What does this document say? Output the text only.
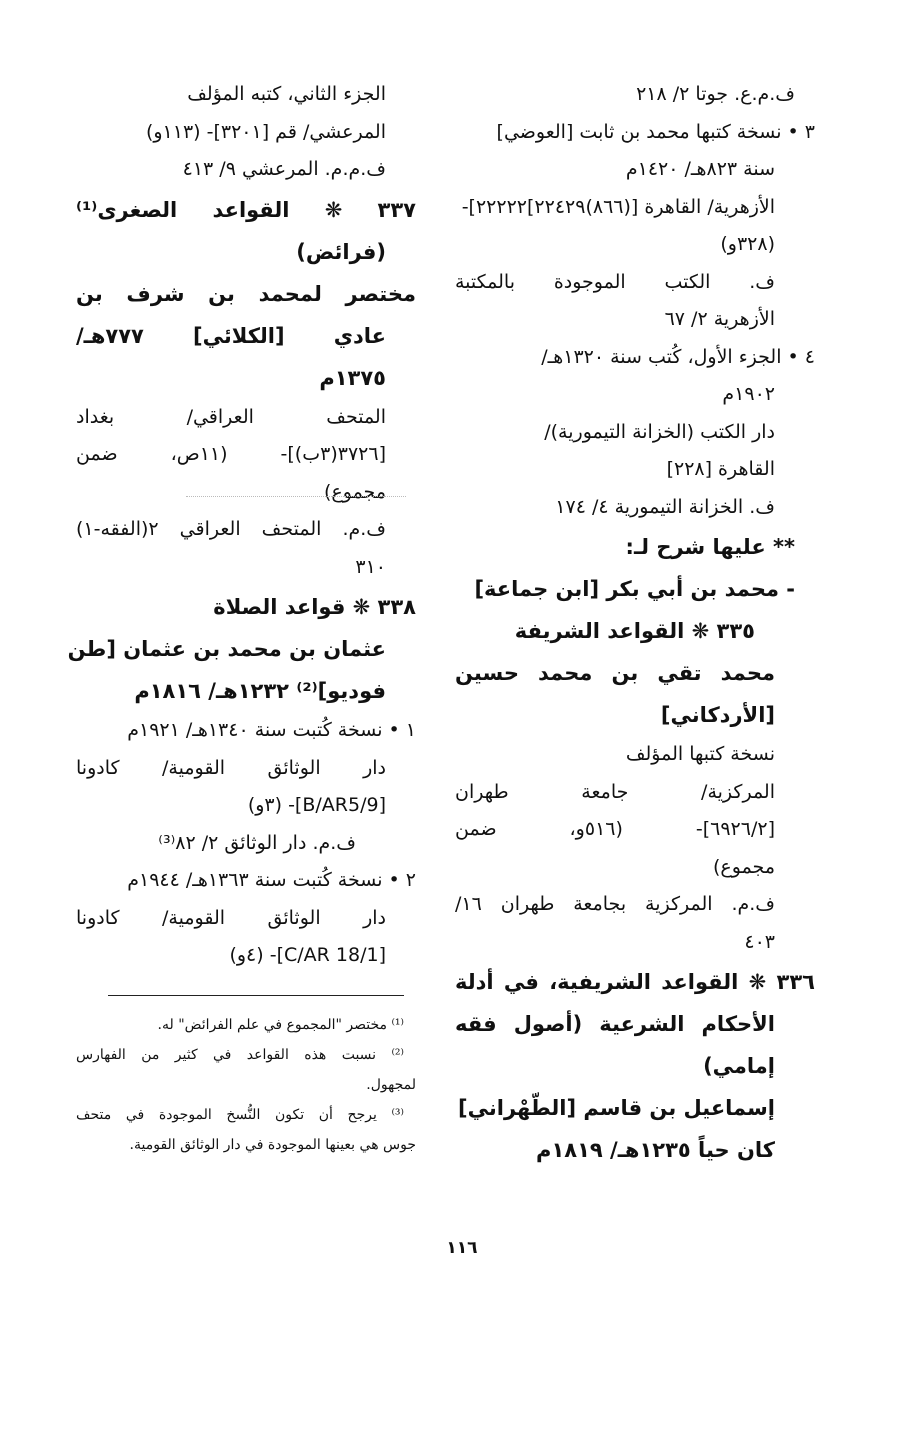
ف.م.ع. جوتا ٢/ ٢١٨
٣ • نسخة كتبها محمد بن ثابت [العوضي]
سنة ٨٢٣هـ/ ١٤٢٠م
الأزهرية/ القاهرة [(٨٦٦)٢٢٤٢٩]٢٢٢٢٢]-
(٣٢٨و)
ف. الكتب الموجودة بالمكتبة
الأزهرية ٢/ ٦٧
٤ • الجزء الأول، كُتب سنة ١٣٢٠هـ/
١٩٠٢م
دار الكتب (الخزانة التيمورية)/
القاهرة [٢٢٨]
ف. الخزانة التيمورية ٤/ ١٧٤
** عليها شرح لـ:
- محمد بن أبي بكر [ابن جماعة]
٣٣٥ ❋ القواعد الشريفة
محمد تقي بن محمد حسين
[الأردكاني]
نسخة كتبها المؤلف
المركزية/ جامعة طهران
[٦٩٢٦/٢]- (٥١٦و، ضمن
مجموع)
ف.م. المركزية بجامعة طهران ١٦/
٤٠٣
٣٣٦ ❋ القواعد الشريفية، في أدلة
الأحكام الشرعية (أصول فقه
إمامي)
إسماعيل بن قاسم [الطّهْراني]
كان حياً ١٢٣٥هـ/ ١٨١٩م
الجزء الثاني، كتبه المؤلف
المرعشي/ قم [٣٢٠١]- (١١٣و)
ف.م.م. المرعشي ٩/ ٤١٣
٣٣٧ ❋ القواعد الصغرى⁽¹⁾
(فرائض)
مختصر لمحمد بن شرف بن
عادي [الكلائي] ٧٧٧هـ/
١٣٧٥م
المتحف العراقي/ بغداد
[٣٧٢٦(٣ب)]- (١١ص، ضمن
مجموع)
ف.م. المتحف العراقي ٢(الفقه-١)
٣١٠
٣٣٨ ❋ قواعد الصلاة
عثمان بن محمد بن عثمان [طن
فوديو]⁽²⁾ ١٢٣٢هـ/ ١٨١٦م
١ • نسخة كُتبت سنة ١٣٤٠هـ/ ١٩٢١م
دار الوثائق القومية/ كادونا
[B/AR5/9]- (٣و)
ف.م. دار الوثائق ٢/ ٨٢⁽³⁾
٢ • نسخة كُتبت سنة ١٣٦٣هـ/ ١٩٤٤م
دار الوثائق القومية/ كادونا
[C/AR 18/1]- (٤و)
⁽¹⁾ مختصر "المجموع في علم الفرائض" له.
⁽²⁾ نسبت هذه القواعد في كثير من الفهارس
لمجهول.
⁽³⁾ يرجح أن تكون النُّسخ الموجودة في متحف
جوس هي بعينها الموجودة في دار الوثائق القومية.
١١٦
